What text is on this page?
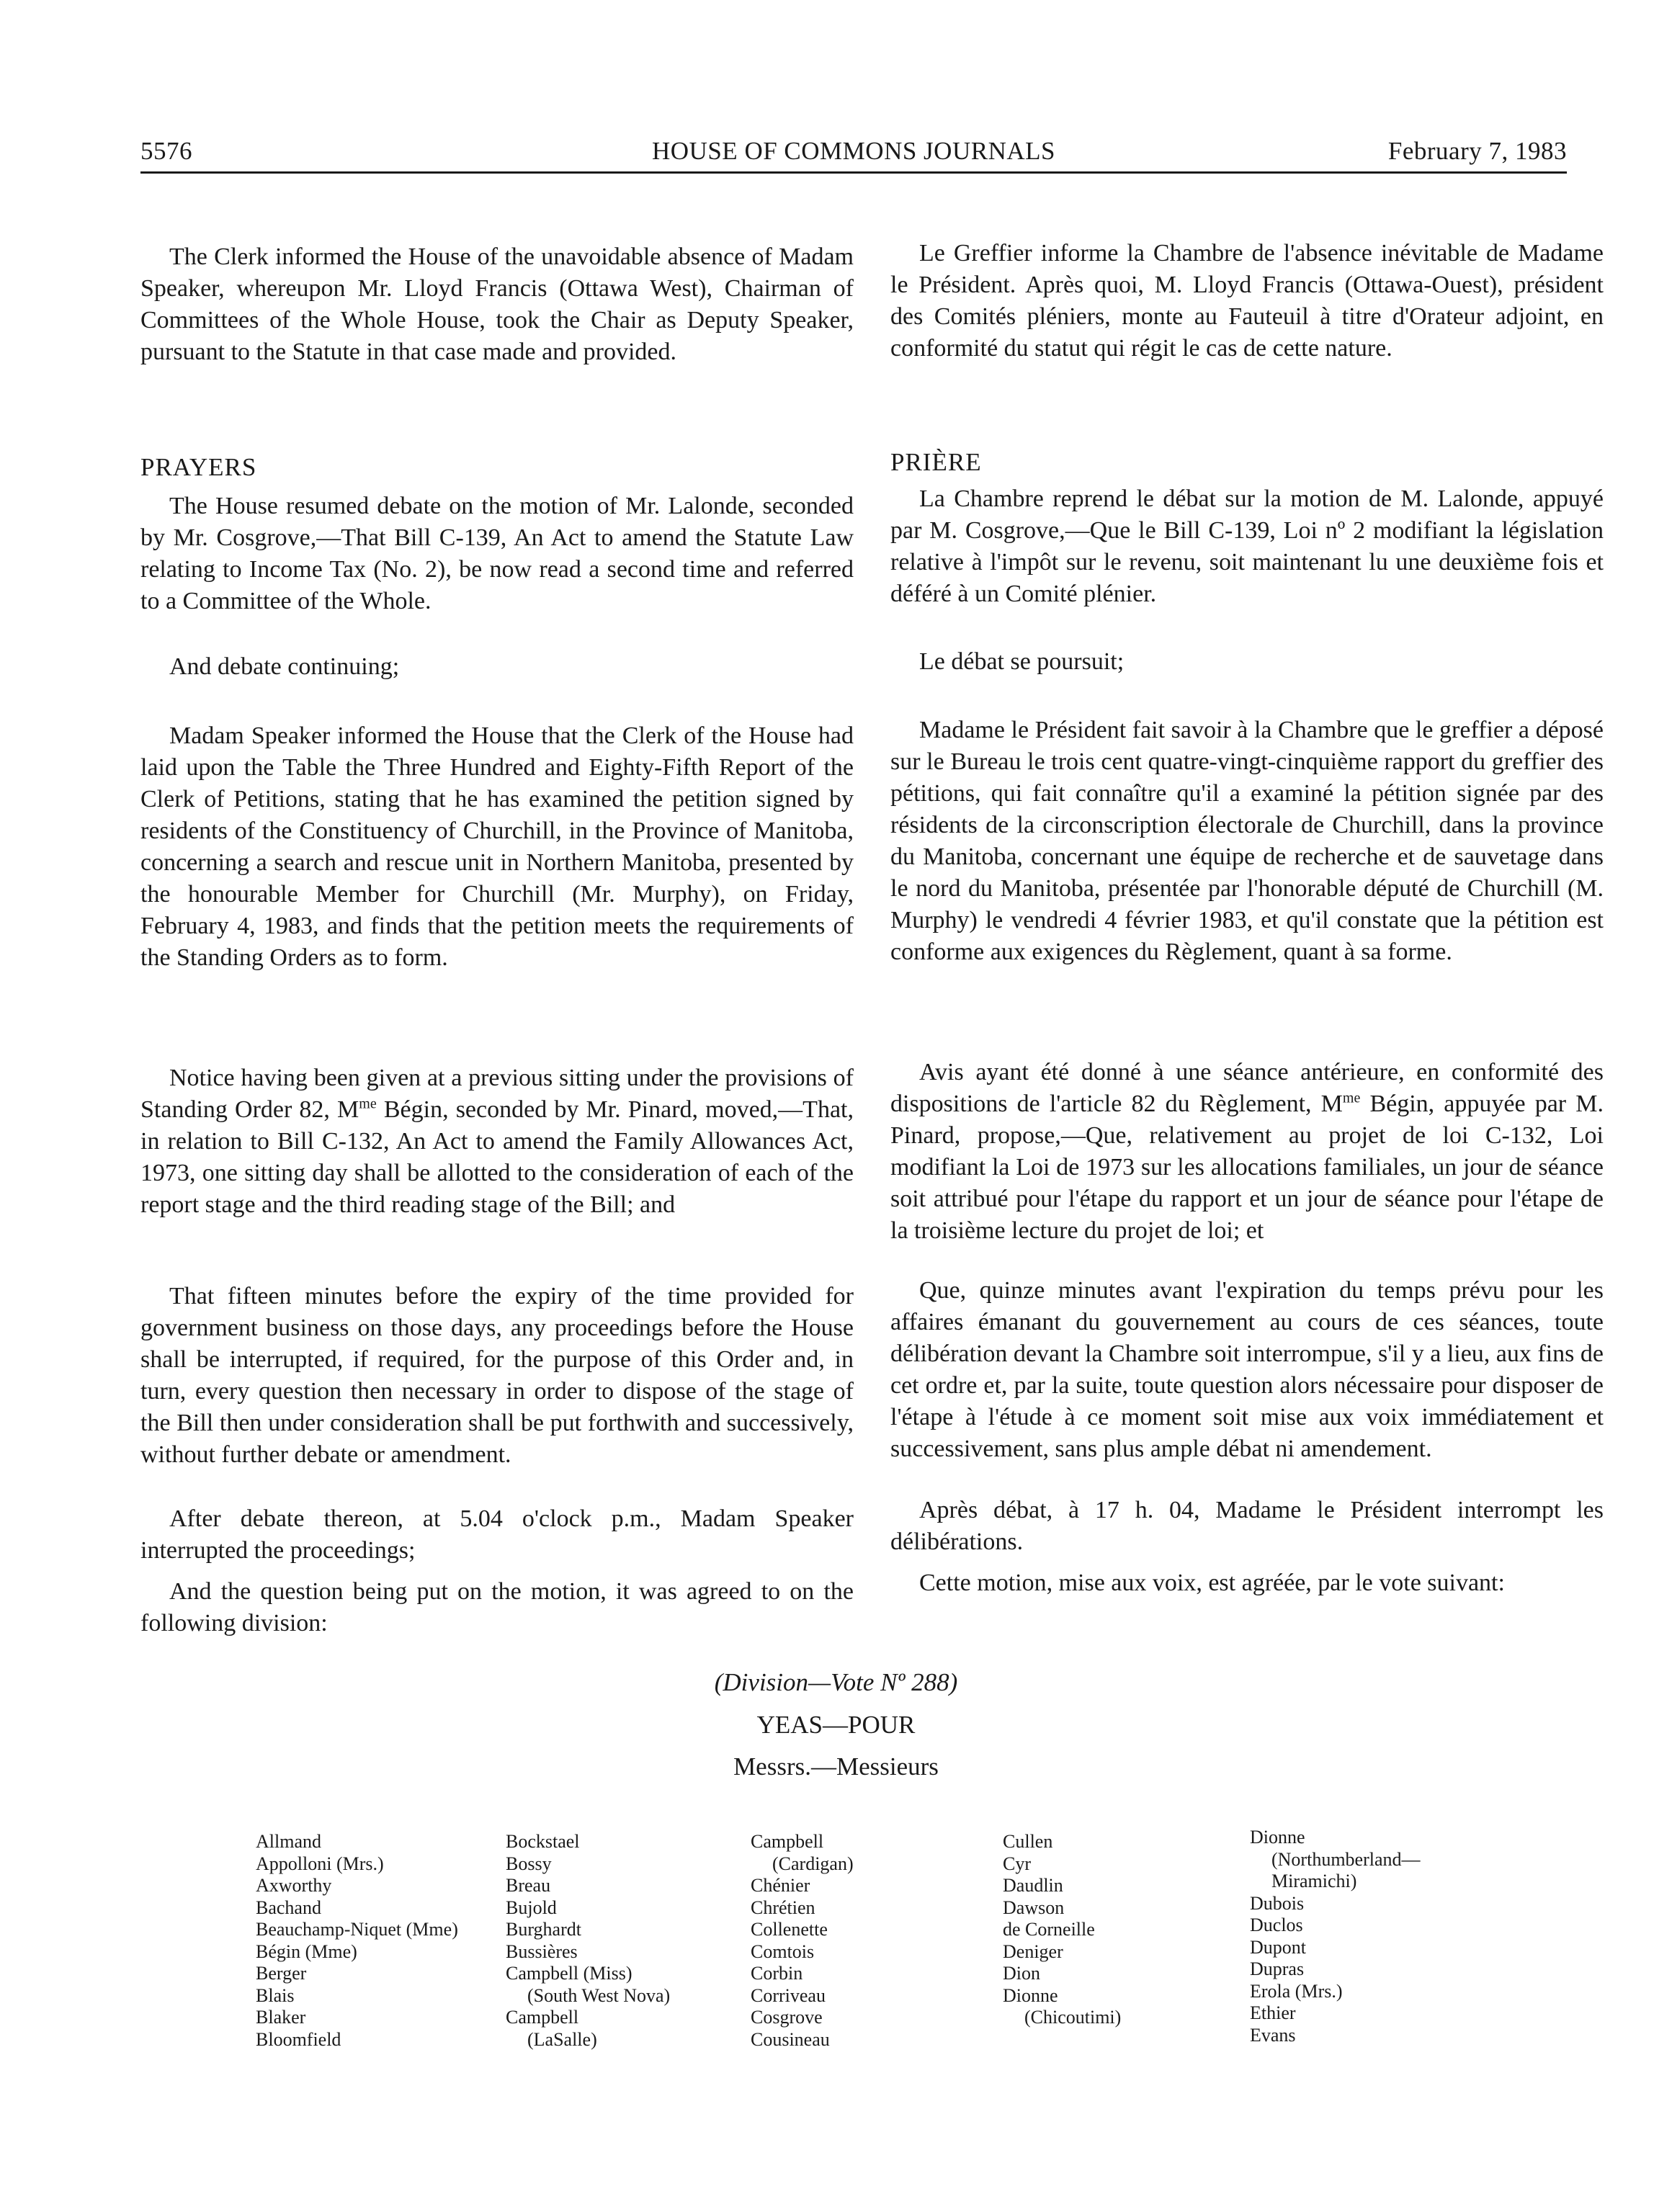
5576	HOUSE OF COMMONS JOURNALS	February 7, 1983

The Clerk informed the House of the unavoidable absence of Madam Speaker, whereupon Mr. Lloyd Francis (Ottawa West), Chairman of Committees of the Whole House, took the Chair as Deputy Speaker, pursuant to the Statute in that case made and provided.

PRAYERS

The House resumed debate on the motion of Mr. Lalonde, seconded by Mr. Cosgrove,—That Bill C-139, An Act to amend the Statute Law relating to Income Tax (No. 2), be now read a second time and referred to a Committee of the Whole.

And debate continuing;

Madam Speaker informed the House that the Clerk of the House had laid upon the Table the Three Hundred and Eighty-Fifth Report of the Clerk of Petitions, stating that he has examined the petition signed by residents of the Constituency of Churchill, in the Province of Manitoba, concerning a search and rescue unit in Northern Manitoba, presented by the honourable Member for Churchill (Mr. Murphy), on Friday, February 4, 1983, and finds that the petition meets the requirements of the Standing Orders as to form.

Notice having been given at a previous sitting under the provisions of Standing Order 82, $M^{me}$ Bégin, seconded by Mr. Pinard, moved,—That, in relation to Bill C-132, An Act to amend the Family Allowances Act, 1973, one sitting day shall be allotted to the consideration of each of the report stage and the third reading stage of the Bill; and

That fifteen minutes before the expiry of the time provided for government business on those days, any proceedings before the House shall be interrupted, if required, for the purpose of this Order and, in turn, every question then necessary in order to dispose of the stage of the Bill then under consideration shall be put forthwith and successively, without further debate or amendment.

After debate thereon, at 5.04 o'clock p.m., Madam Speaker interrupted the proceedings;

And the question being put on the motion, it was agreed to on the following division:

Le Greffier informe la Chambre de l'absence inévitable de Madame le Président. Après quoi, M. Lloyd Francis (Ottawa-Ouest), président des Comités pléniers, monte au Fauteuil à titre d'Orateur adjoint, en conformité du statut qui régit le cas de cette nature.

PRIÈRE

La Chambre reprend le débat sur la motion de M. Lalonde, appuyé par M. Cosgrove,—Que le Bill C-139, Loi nº 2 modifiant la législation relative à l'impôt sur le revenu, soit maintenant lu une deuxième fois et déféré à un Comité plénier.

Le débat se poursuit;

Madame le Président fait savoir à la Chambre que le greffier a déposé sur le Bureau le trois cent quatre-vingt-cinquième rapport du greffier des pétitions, qui fait connaître qu'il a examiné la pétition signée par des résidents de la circonscription électorale de Churchill, dans la province du Manitoba, concernant une équipe de recherche et de sauvetage dans le nord du Manitoba, présentée par l'honorable député de Churchill (M. Murphy) le vendredi 4 février 1983, et qu'il constate que la pétition est conforme aux exigences du Règlement, quant à sa forme.

Avis ayant été donné à une séance antérieure, en conformité des dispositions de l'article 82 du Règlement, $M^{me}$ Bégin, appuyée par M. Pinard, propose,—Que, relativement au projet de loi C-132, Loi modifiant la Loi de 1973 sur les allocations familiales, un jour de séance soit attribué pour l'étape du rapport et un jour de séance pour l'étape de la troisième lecture du projet de loi; et

Que, quinze minutes avant l'expiration du temps prévu pour les affaires émanant du gouvernement au cours de ces séances, toute délibération devant la Chambre soit interrompue, s'il y a lieu, aux fins de cet ordre et, par la suite, toute question alors nécessaire pour disposer de l'étape à l'étude à ce moment soit mise aux voix immédiatement et successivement, sans plus ample débat ni amendement.

Après débat, à 17 h. 04, Madame le Président interrompt les délibérations.

Cette motion, mise aux voix, est agréée, par le vote suivant:

(Division—Vote Nº 288)
YEAS—POUR
Messrs.—Messieurs
Allmand
Appolloni (Mrs.)
Axworthy
Bachand
Beauchamp-Niquet (Mme)
Bégin (Mme)
Berger
Blais
Blaker
Bloomfield
Bockstael
Bossy
Breau
Bujold
Burghardt
Bussières
Campbell (Miss)
(South West Nova)
Campbell
(LaSalle)
Campbell
(Cardigan)
Chénier
Chrétien
Collenette
Comtois
Corbin
Corriveau
Cosgrove
Cousineau
Cullen
Cyr
Daudlin
Dawson
de Corneille
Deniger
Dion
Dionne
(Chicoutimi)
Dionne
(Northumberland—
Miramichi)
Dubois
Duclos
Dupont
Dupras
Erola (Mrs.)
Ethier
Evans
